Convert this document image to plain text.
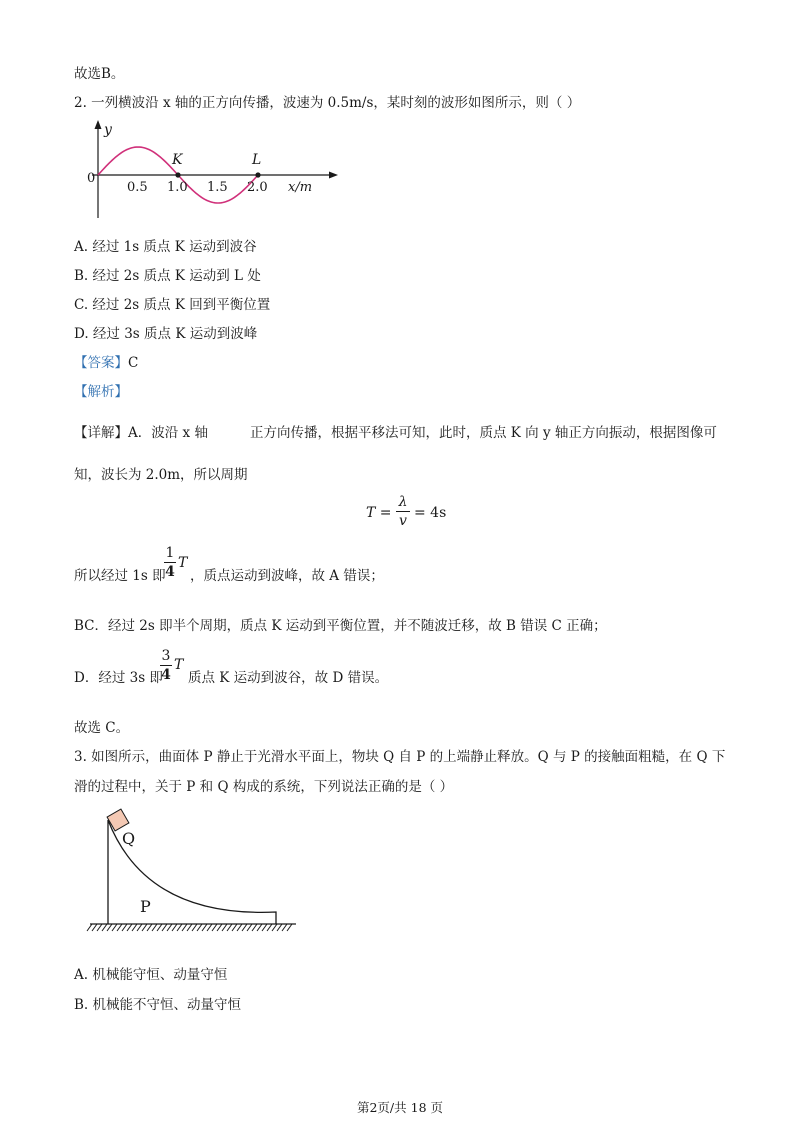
故选B。
2. 一列横波沿 x 轴的正方向传播，波速为 0.5m/s，某时刻的波形如图所示，则（ ）
y
0
K	L
0.5 1.0 1.5 2.0 x/m
A. 经过 1s 质点 K 运动到波谷
B. 经过 2s 质点 K 运动到 L 处
C. 经过 2s 质点 K 回到平衡位置
D. 经过 3s 质点 K 运动到波峰
【答案】C
【解析】
【详解】A．波沿 x 轴	正方向传播，根据平移法可知，此时，质点 K 向 y 轴正方向振动，根据图像可
知，波长为 2.0m，所以周期
T =
λ
v = 4s
所以经过 1s 即
1
4
T
，质点运动到波峰，故 A 错误；
BC．经过 2s 即半个周期，质点 K 运动到平衡位置，并不随波迁移，故 B 错误 C 正确；
D．经过 3s 即
3
4
T
质点 K 运动到波谷，故 D 错误。
故选 C。
3. 如图所示，曲面体 P 静止于光滑水平面上，物块 Q 自 P 的上端静止释放。Q 与 P 的接触面粗糙，在 Q 下
滑的过程中，关于 P 和 Q 构成的系统，下列说法正确的是（ ）
Q
P
A. 机械能守恒、动量守恒
B. 机械能不守恒、动量守恒
第2页/共 18 页
